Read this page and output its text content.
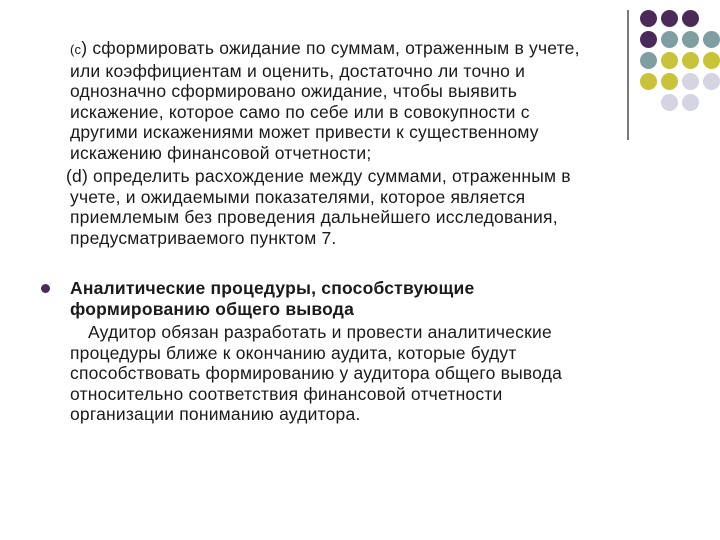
(c) сформировать ожидание по суммам, отраженным в учете,
или коэффициентам и оценить, достаточно ли точно и
однозначно сформировано ожидание, чтобы выявить
искажение, которое само по себе или в совокупности с
другими искажениями может привести к существенному
искажению финансовой отчетности;
(d) определить расхождение между суммами, отраженным в
учете, и ожидаемыми показателями, которое является
приемлемым без проведения дальнейшего исследования,
предусматриваемого пунктом 7.
Аналитические процедуры, способствующие
формированию общего вывода
Аудитор обязан разработать и провести аналитические
процедуры ближе к окончанию аудита, которые будут
способствовать формированию у аудитора общего вывода
относительно соответствия финансовой отчетности
организации пониманию аудитора.
